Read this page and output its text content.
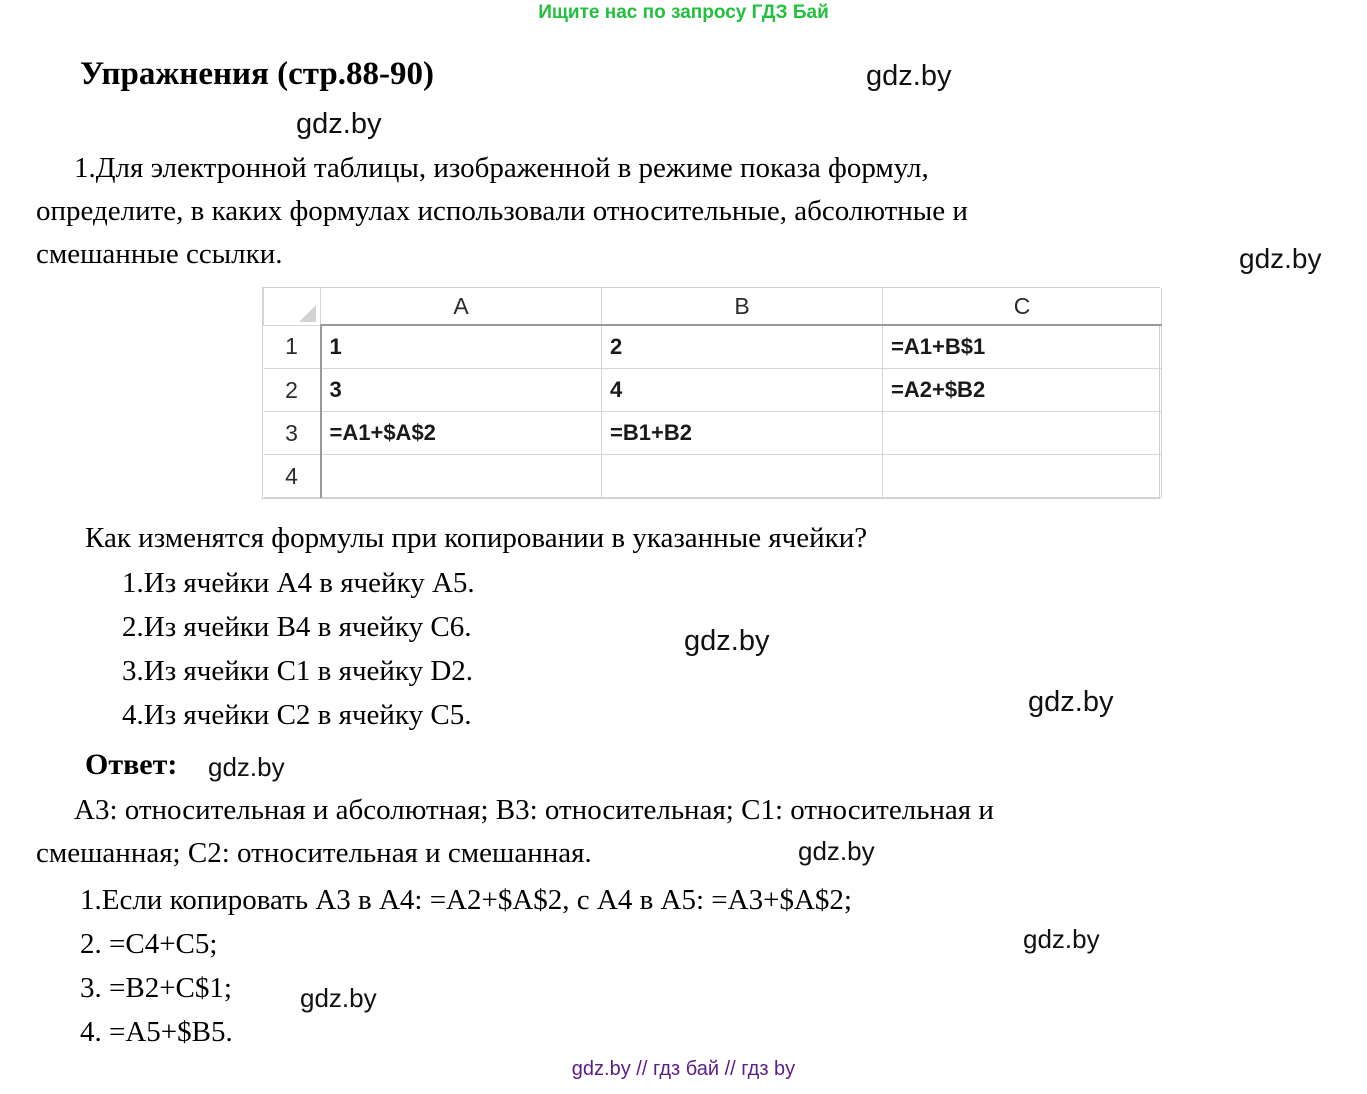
Ищите нас по запросу ГДЗ Бай
Упражнения (стр.88-90)
1.Для электронной таблицы, изображенной в режиме показа формул,
определите, в каких формулах использовали относительные, абсолютные и
смешанные ссылки.
	A	B	C
1	1	2	=A1+B$1
2	3	4	=A2+$B2
3	=A1+$A$2	=B1+B2	
4			
Как изменятся формулы при копировании в указанные ячейки?
1.Из ячейки А4 в ячейку А5.
2.Из ячейки В4 в ячейку С6.
3.Из ячейки С1 в ячейку D2.
4.Из ячейки С2 в ячейку С5.
Ответ:
А3: относительная и абсолютная; В3: относительная; С1: относительная и
смешанная; С2: относительная и смешанная.
1.Если копировать А3 в А4: =A2+$A$2, с А4 в А5: =A3+$A$2;
2. =C4+C5;
3. =B2+C$1;
4. =A5+$B5.
gdz.by // гдз бай // гдз by
gdz.by
gdz.by
gdz.by
gdz.by
gdz.by
gdz.by
gdz.by
gdz.by
gdz.by
